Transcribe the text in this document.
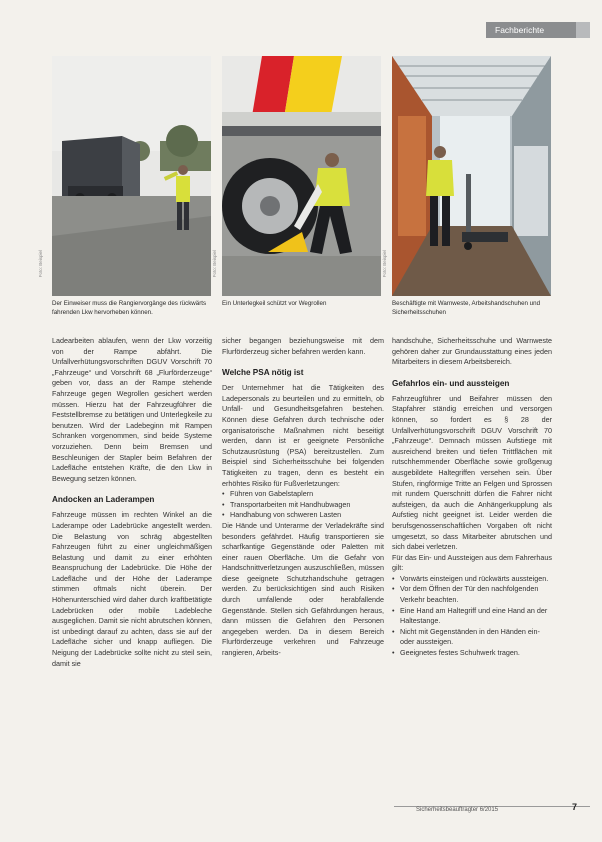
Fachberichte
Foto: Beispiel	Foto: Beispiel	Foto: Beispiel
Der Einweiser muss die Rangiervorgänge des rückwärts fahrenden Lkw hervorheben können.
Ein Unterlegkeil schützt vor Wegrollen	Beschäftigte mit Warnweste, Arbeitshandschuhen und Sicherheitsschuhen

Ladearbeiten ablaufen, wenn der Lkw vorzeitig von der Rampe abfährt. Die Unfallverhütungsvorschriften DGUV Vorschrift 70 „Fahrzeuge“ und Vorschrift 68 „Flurförderzeuge“ geben vor, dass an der Rampe stehende Fahrzeuge gegen Wegrollen gesichert werden müssen. Hierzu hat der Fahrzeugführer die Feststellbremse zu betätigen und Unterlegkeile zu benutzen. Wird der Ladebeginn mit Rampen Schranken vorgenommen, sind beide Systeme vorzuziehen. Denn beim Bremsen und Beschleunigen der Stapler beim Befahren der Ladefläche entstehen Kräfte, die den Lkw in Bewegung setzen können.

Andocken an Laderampen

Fahrzeuge müssen im rechten Winkel an die Laderampe oder Ladebrücke angestellt werden. Die Belastung von schräg abgestellten Fahrzeugen führt zu einer ungleichmäßigen Belastung und damit zu einer erhöhten Beanspruchung der Ladebrücke. Die Höhe der Ladefläche und der Höhe der Laderampe stimmen oftmals nicht überein. Der Höhenunterschied wird daher durch kraftbetätigte Ladebrücken oder mobile Ladebleche ausgeglichen. Damit sie nicht abrutschen können, ist unbedingt darauf zu achten, dass sie auf der Ladefläche sicher und knapp aufliegen. Die Neigung der Ladebrücke sollte nicht zu steil sein, damit sie

sicher begangen beziehungsweise mit dem Flurförderzeug sicher befahren werden kann.

Welche PSA nötig ist

Der Unternehmer hat die Tätigkeiten des Ladepersonals zu beurteilen und zu ermitteln, ob Unfall- und Gesundheitsgefahren bestehen. Können diese Gefahren durch technische oder organisatorische Maßnahmen nicht beseitigt werden, dann ist er geeignete Persönliche Schutzausrüstung (PSA) bereitzustellen. Zum Beispiel sind Sicherheitsschuhe bei folgenden Tätigkeiten zu tragen, denn es besteht ein erhöhtes Risiko für Fußverletzungen:

• Führen von Gabelstaplern
• Transportarbeiten mit Handhubwagen
• Handhabung von schweren Lasten

Die Hände und Unterarme der Verladekräfte sind besonders gefährdet. Häufig transportieren sie scharfkantige Gegenstände oder Paletten mit einer rauen Oberfläche. Um die Gefahr von Handschnittverletzungen auszuschließen, müssen diese geeignete Schutzhandschuhe getragen werden. Zu berücksichtigen sind auch Risiken durch umfallende oder herabfallende Gegenstände. Stellen sich Gefährdungen heraus, dann müssen die Gefahren den Personen angegeben werden. Da in diesem Bereich Flurförderzeuge verkehren und Fahrzeuge rangieren, Arbeits-

handschuhe, Sicherheitsschuhe und Warnweste gehören daher zur Grundausstattung eines jeden Mitarbeiters in diesem Arbeitsbereich.

Gefahrlos ein- und aussteigen

Fahrzeugführer und Beifahrer müssen den Stapfahrer ständig erreichen und versorgen können, so fordert es § 28 der Unfallverhütungsvorschrift DGUV Vorschrift 70 „Fahrzeuge“. Demnach müssen Aufstiege mit ausreichend breiten und tiefen Trittflächen mit rutschhemmender Oberfläche sowie großgenug ausgebildete Haltegriffen versehen sein. Über Stufen, ringförmige Tritte an Felgen und Sprossen mit rundem Querschnitt dürfen die Fahrer nicht aufsteigen, da auch die Anhängerkupplung als Aufstieg nicht geeignet ist. Leider werden die berufsgenossenschaftlichen Vorgaben oft nicht umgesetzt, so dass Mitarbeiter abrutschen und sich dabei verletzen.

Für das Ein- und Aussteigen aus dem Fahrerhaus gilt:

• Vorwärts einsteigen und rückwärts aussteigen.
• Vor dem Öffnen der Tür den nachfolgenden Verkehr beachten.
• Eine Hand am Haltegriff und eine Hand an der Haltestange.
• Nicht mit Gegenständen in den Händen ein- oder aussteigen.
• Geeignetes festes Schuhwerk tragen.
Sicherheitsbeauftragter 6/2015	7
